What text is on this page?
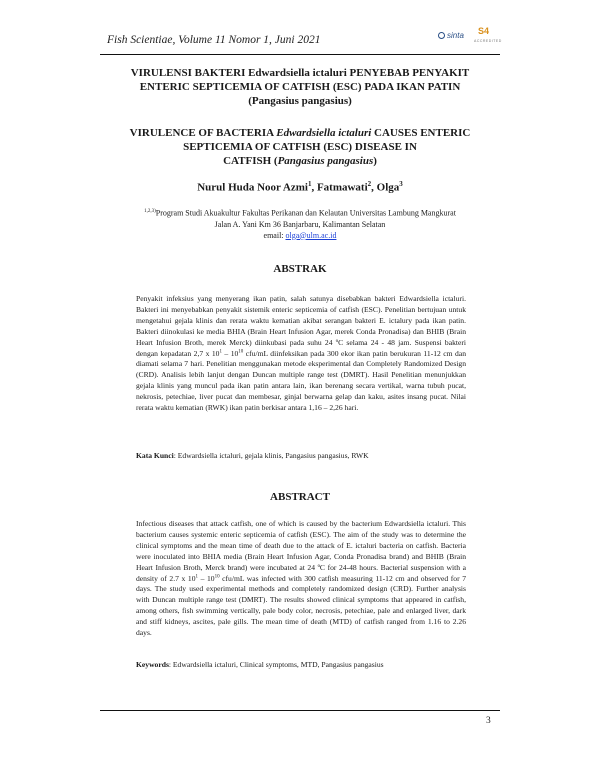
Fish Scientiae, Volume 11 Nomor 1, Juni 2021	sinta S4
ACCREDITED
VIRULENSI BAKTERI Edwardsiella ictaluri PENYEBAB PENYAKIT
ENTERIC SEPTICEMIA OF CATFISH (ESC) PADA IKAN PATIN
(Pangasius pangasius)
VIRULENCE OF BACTERIA Edwardsiella ictaluri CAUSES ENTERIC
SEPTICEMIA OF CATFISH (ESC) DISEASE IN
CATFISH (Pangasius pangasius)
Nurul Huda Noor Azmi$^1$, Fatmawati$^2$, Olga$^3$
$^{1,2,3)}$Program Studi Akuakultur Fakultas Perikanan dan Kelautan Universitas Lambung Mangkurat
Jalan A. Yani Km 36 Banjarbaru, Kalimantan Selatan
email: olga@ulm.ac.id
ABSTRAK
Penyakit infeksius yang menyerang ikan patin, salah satunya disebabkan bakteri Edwardsiella ictaluri. Bakteri ini menyebabkan penyakit sistemik enteric septicemia of catfish (ESC). Penelitian bertujuan untuk mengetahui gejala klinis dan rerata waktu kematian akibat serangan bakteri E. ictalury pada ikan patin. Bakteri diinokulasi ke media BHIA (Brain Heart Infusion Agar, merek Conda Pronadisa) dan BHIB (Brain Heart Infusion Broth, merek Merck) diinkubasi pada suhu 24 ºC selama 24 - 48 jam. Suspensi bakteri dengan kepadatan 2,7 x $10^1 - 10^{10}$ cfu/mL diinfeksikan pada 300 ekor ikan patin berukuran 11-12 cm dan diamati selama 7 hari. Penelitian menggunakan metode eksperimental dan Completely Randomized Design (CRD). Analisis lebih lanjut dengan Duncan multiple range test (DMRT). Hasil Penelitian menunjukkan gejala klinis yang muncul pada ikan patin antara lain, ikan berenang secara vertikal, warna tubuh pucat, nekrosis, petechiae, liver pucat dan membesar, ginjal berwarna gelap dan kaku, asites insang pucat. Nilai rerata waktu kematian (RWK) ikan patin berkisar antara 1,16 – 2,26 hari.
Kata Kunci: Edwardsiella ictaluri, gejala klinis, Pangasius pangasius, RWK
ABSTRACT
Infectious diseases that attack catfish, one of which is caused by the bacterium Edwardsiella ictaluri. This bacterium causes systemic enteric septicemia of catfish (ESC). The aim of the study was to determine the clinical symptoms and the mean time of death due to the attack of E. ictaluri bacteria on catfish. Bacteria were inoculated into BHIA media (Brain Heart Infusion Agar, Conda Pronadisa brand) and BHIB (Brain Heart Infusion Broth, Merck brand) were incubated at 24 ºC for 24-48 hours. Bacterial suspension with a density of 2.7 x $10^1 - 10^{10}$ cfu/mL was infected with 300 catfish measuring 11-12 cm and observed for 7 days. The study used experimental methods and completely randomized design (CRD). Further analysis with Duncan multiple range test (DMRT). The results showed clinical symptoms that appeared in catfish, among others, fish swimming vertically, pale body color, necrosis, petechiae, pale and enlarged liver, dark and stiff kidneys, ascites, pale gills. The mean time of death (MTD) of catfish ranged from 1.16 to 2.26 days.
Keywords: Edwardsiella ictaluri, Clinical symptoms, MTD, Pangasius pangasius
3
